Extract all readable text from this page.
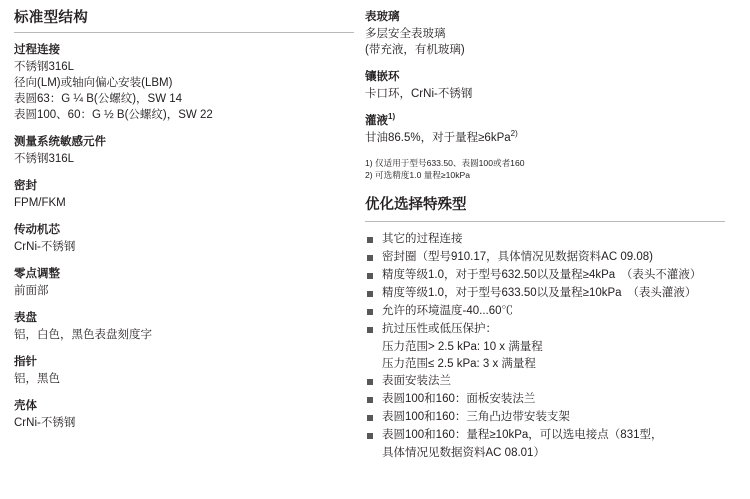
标准型结构
过程连接

不锈钢316L

径向(LM)或轴向偏心安装(LBM)

表圆63：G ¼ B(公螺纹)，SW 14

表圆100、60：G ½ B(公螺纹)，SW 22

测量系统敏感元件

不锈钢316L

密封

FPM/FKM

传动机芯

CrNi-不锈钢

零点调整

前面部

表盘

铝，白色，黑色表盘刻度字

指针

铝，黑色

壳体

CrNi-不锈钢

表玻璃

多层安全表玻璃

(带充液，有机玻璃)

镶嵌环

卡口环，CrNi-不锈钢

灌液$^{1)}$

甘油86.5%，对于量程≥6kPa$^{2)}$

1) 仅适用于型号633.50、表圆100或者160

2) 可选精度1.0 量程≥10kPa

优化选择特殊型
其它的过程连接
密封圈（型号910.17，具体情况见数据资料AC 09.08)
精度等级1.0，对于型号632.50以及量程≥4kPa　（表头不灌液）
精度等级1.0，对于型号633.50以及量程≥10kPa　（表头灌液）
允许的环境温度-40...60℃
抗过压性或低压保护：
压力范围> 2.5 kPa: 10 x 满量程
压力范围≤ 2.5 kPa: 3 x 满量程
表面安装法兰
表圆100和160：面板安装法兰
表圆100和160：三角凸边带安装支架
表圆100和160：量程≥10kPa，可以选电接点（831型，
具体情况见数据资料AC 08.01）
